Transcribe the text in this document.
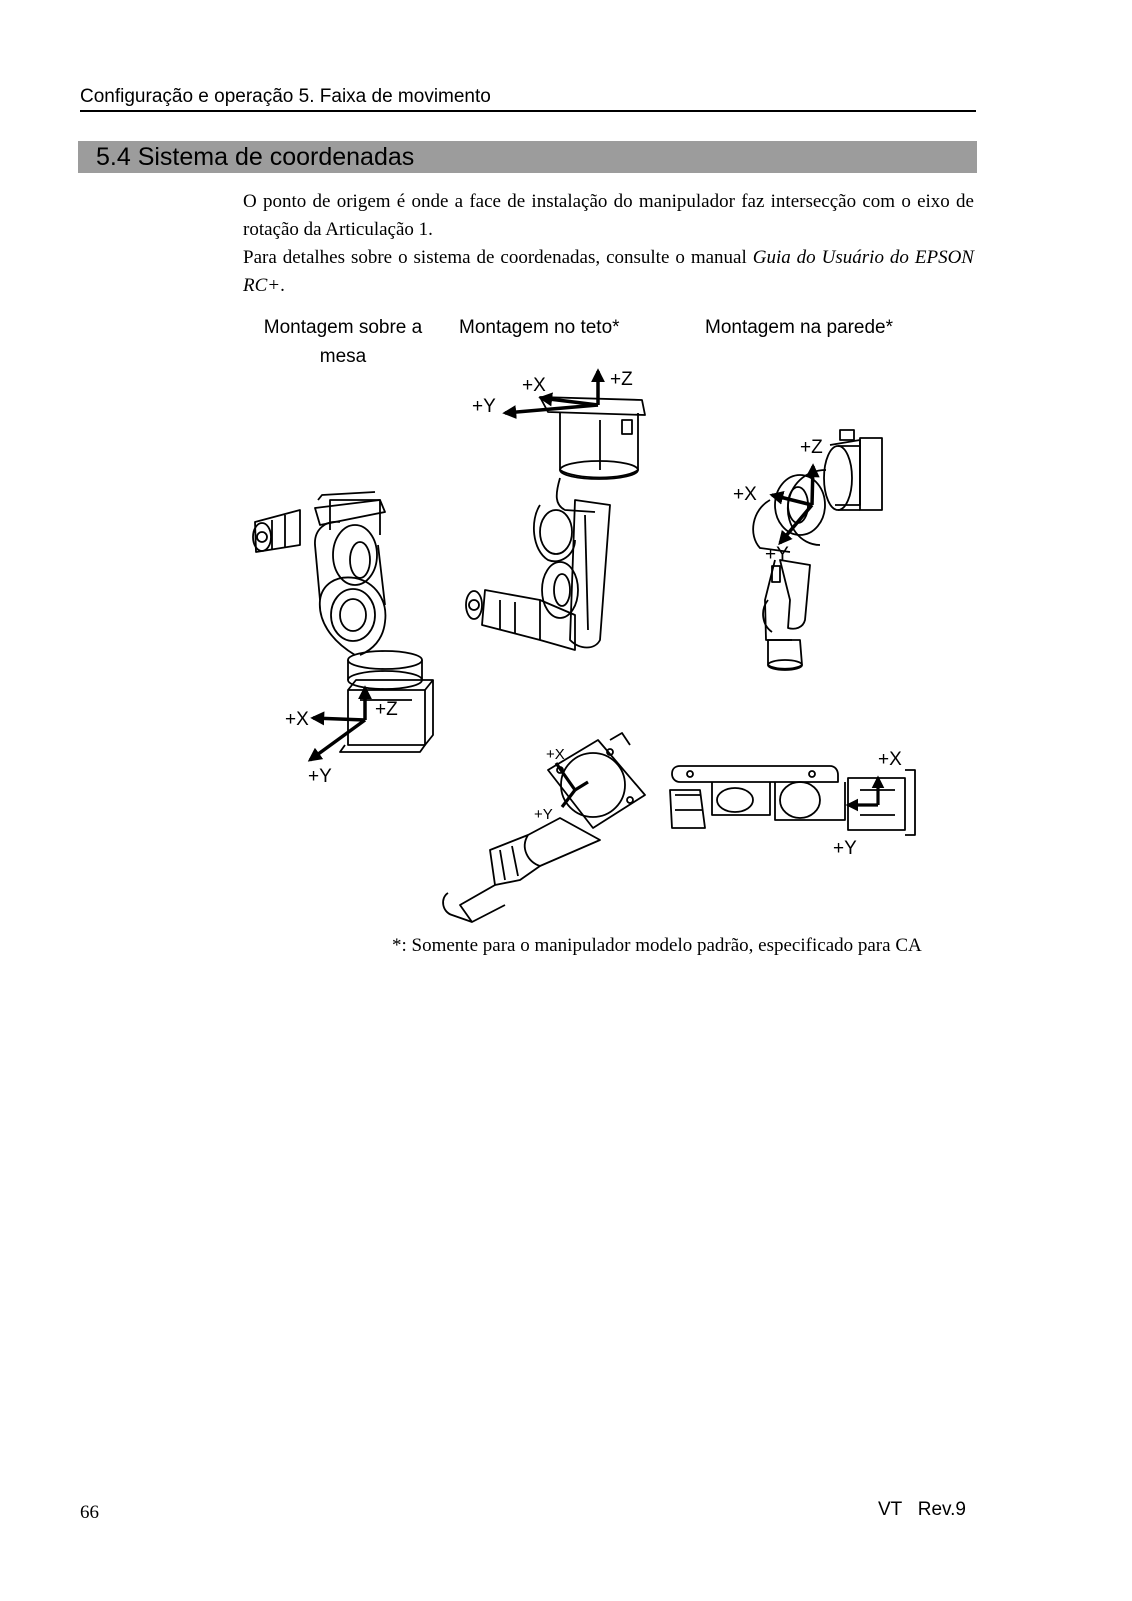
Configuração e operação 5. Faixa de movimento
5.4 Sistema de coordenadas
O ponto de origem é onde a face de instalação do manipulador faz intersecção com o eixo de rotação da Articulação 1.
Para detalhes sobre o sistema de coordenadas, consulte o manual Guia do Usuário do EPSON RC+.
Montagem sobre a mesa
Montagem no teto*	Montagem na parede*
+X
+Y
+Z
+X
+Y
+Z
+X
+Y
+Z
+X
+Y
+X
+Y
*: Somente para o manipulador modelo padrão, especificado para CA
66	VT   Rev.9
